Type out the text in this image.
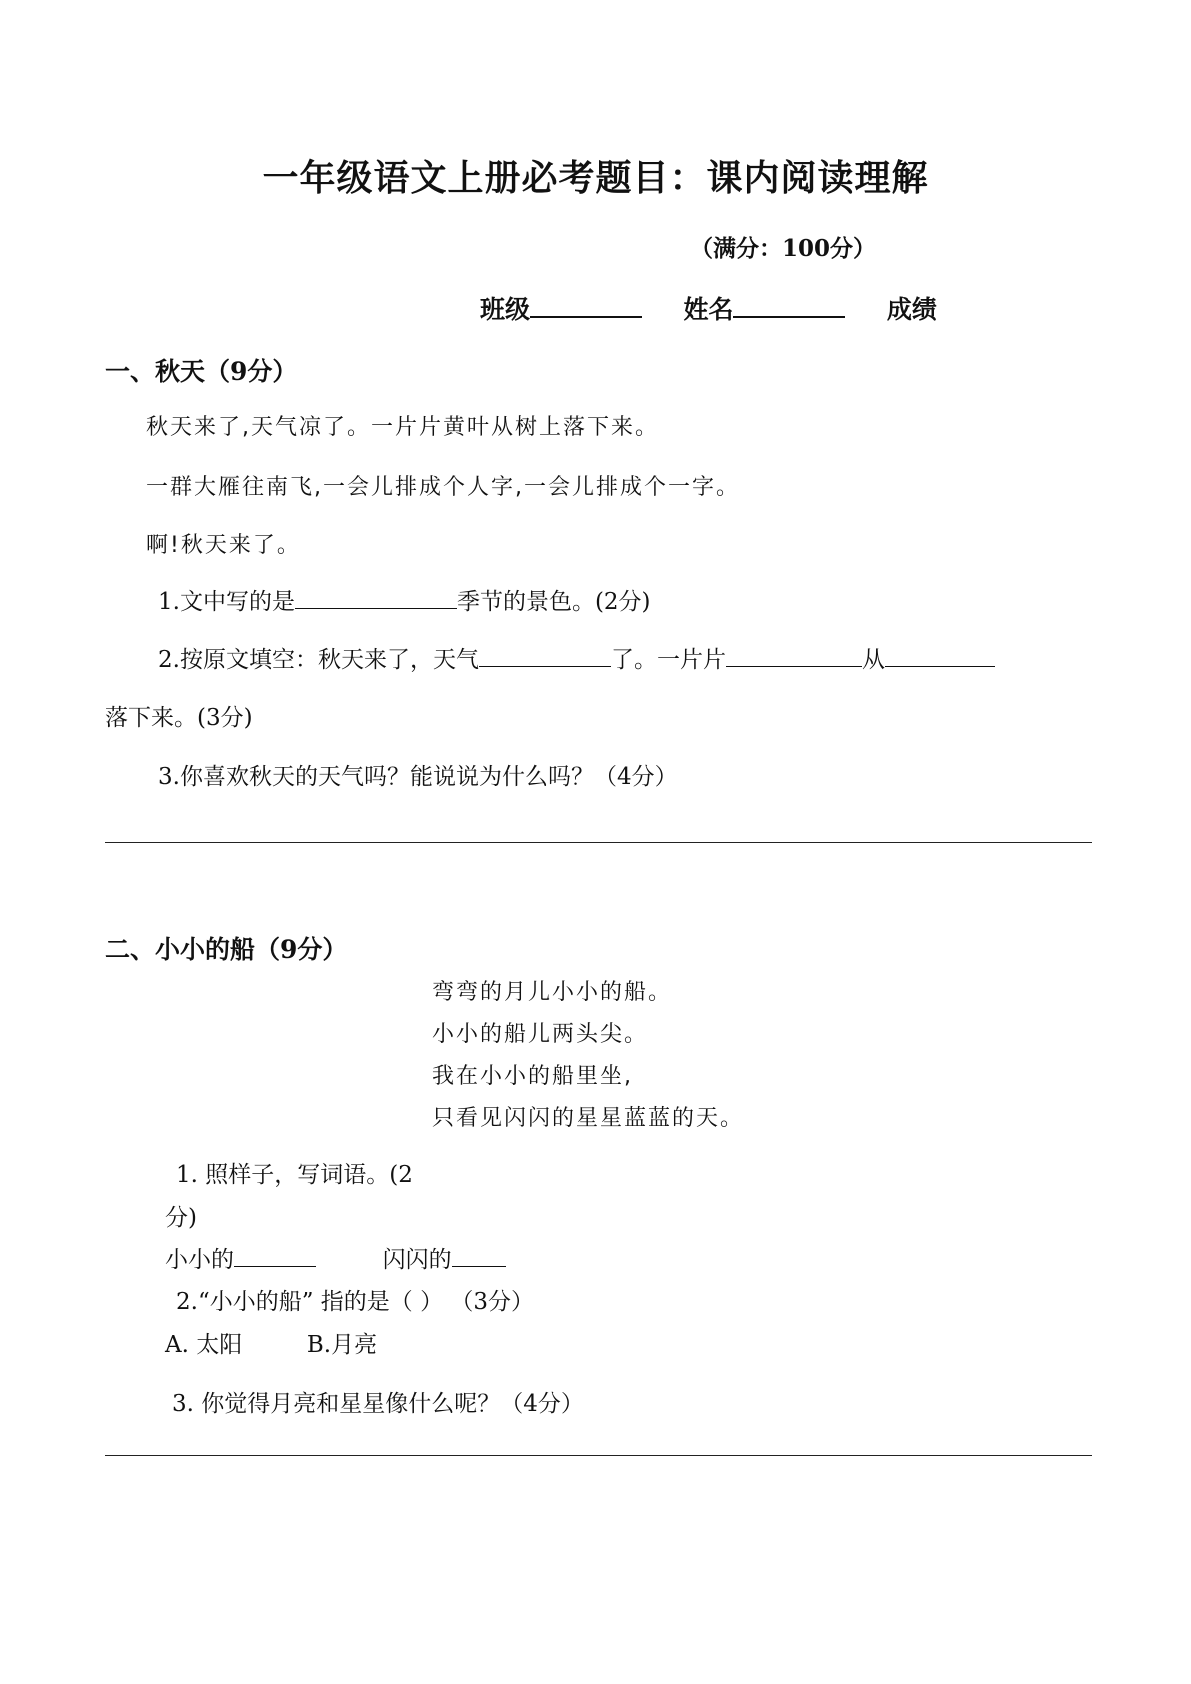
一年级语文上册必考题目：课内阅读理解
（满分：100分）
班级	姓名	成绩
一、秋天（9分）
秋天来了,天气凉了。一片片黄叶从树上落下来。
一群大雁往南飞,一会儿排成个人字,一会儿排成个一字。
啊!秋天来了。
1.文中写的是	季节的景色。(2分)
2.按原文填空：秋天来了，天气	了。一片片	从
落下来。(3分)
3.你喜欢秋天的天气吗？能说说为什么吗？（4分）
二、小小的船（9分）
弯弯的月儿小小的船。
小小的船儿两头尖。
我在小小的船里坐,
只看见闪闪的星星蓝蓝的天。
1. 照样子，写词语。(2
分)
小小的	闪闪的
2.“小小的船” 指的是（ ） （3分）
A. 太阳	B.月亮
3. 你觉得月亮和星星像什么呢？（4分）
